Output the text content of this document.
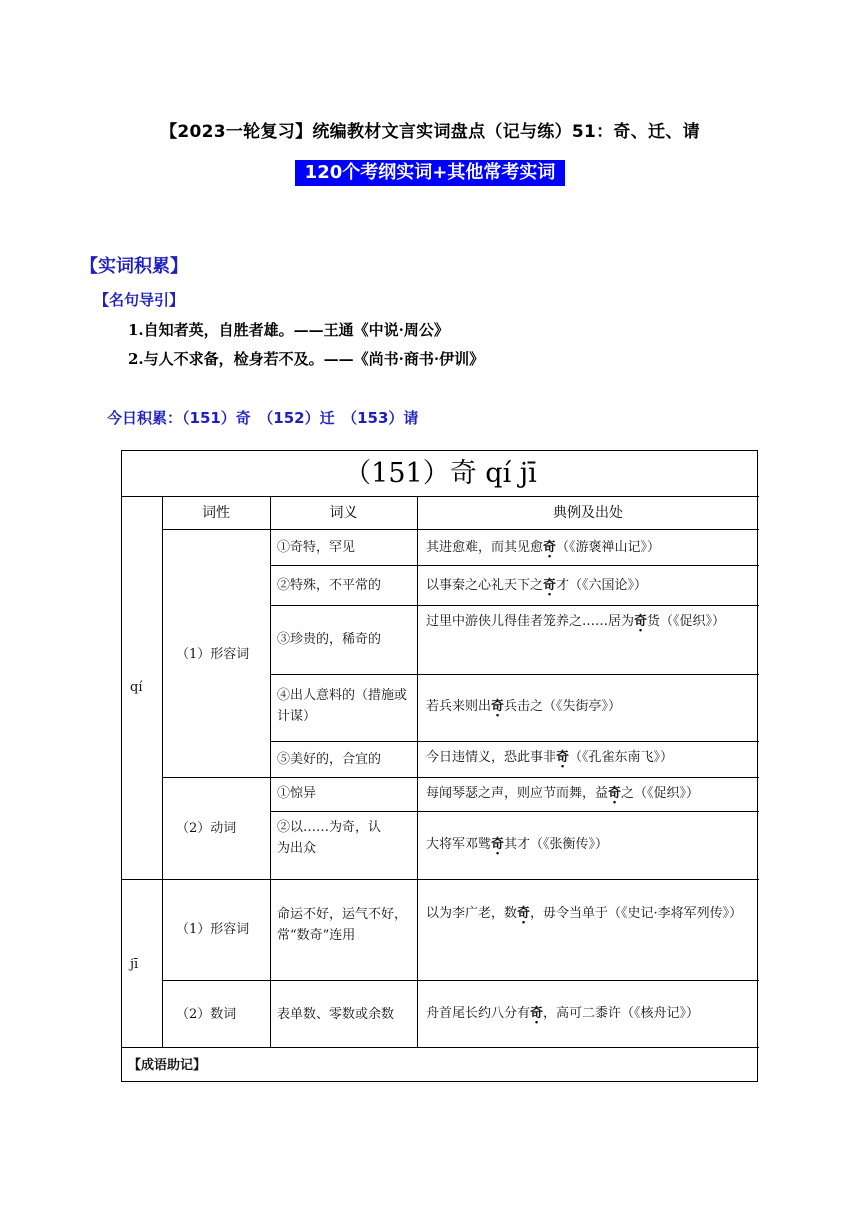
【2023一轮复习】统编教材文言实词盘点（记与练）51：奇、迁、请
120个考纲实词+其他常考实词
【实词积累】
【名句导引】
1.自知者英，自胜者雄。——王通《中说·周公》
2.与人不求备，检身若不及。——《尚书·商书·伊训》
今日积累：（151）奇　（152）迁　（153）请
（151）奇 qí jī
词性	词义	典例及出处
qí
jī
（1）形容词
（2）动词
（1）形容词
（2）数词
①奇特，罕见
②特殊，不平常的
③珍贵的，稀奇的
④出人意料的（措施或计谋）
⑤美好的，合宜的
①惊异
②以……为奇，认为出众
命运不好，运气不好，常“数奇”连用
表单数、零数或余数
其进愈难，而其见愈奇（《游褒禅山记》）
以事秦之心礼天下之奇才（《六国论》）
过里中游侠儿得佳者笼养之……居为奇货（《促织》）
若兵来则出奇兵击之（《失街亭》）
今日违情义，恐此事非奇（《孔雀东南飞》）
每闻琴瑟之声，则应节而舞，益奇之（《促织》）
大将军邓骘奇其才（《张衡传》）
以为李广老，数奇，毋令当单于（《史记·李将军列传》）
舟首尾长约八分有奇，高可二黍许（《核舟记》）
【成语助记】
